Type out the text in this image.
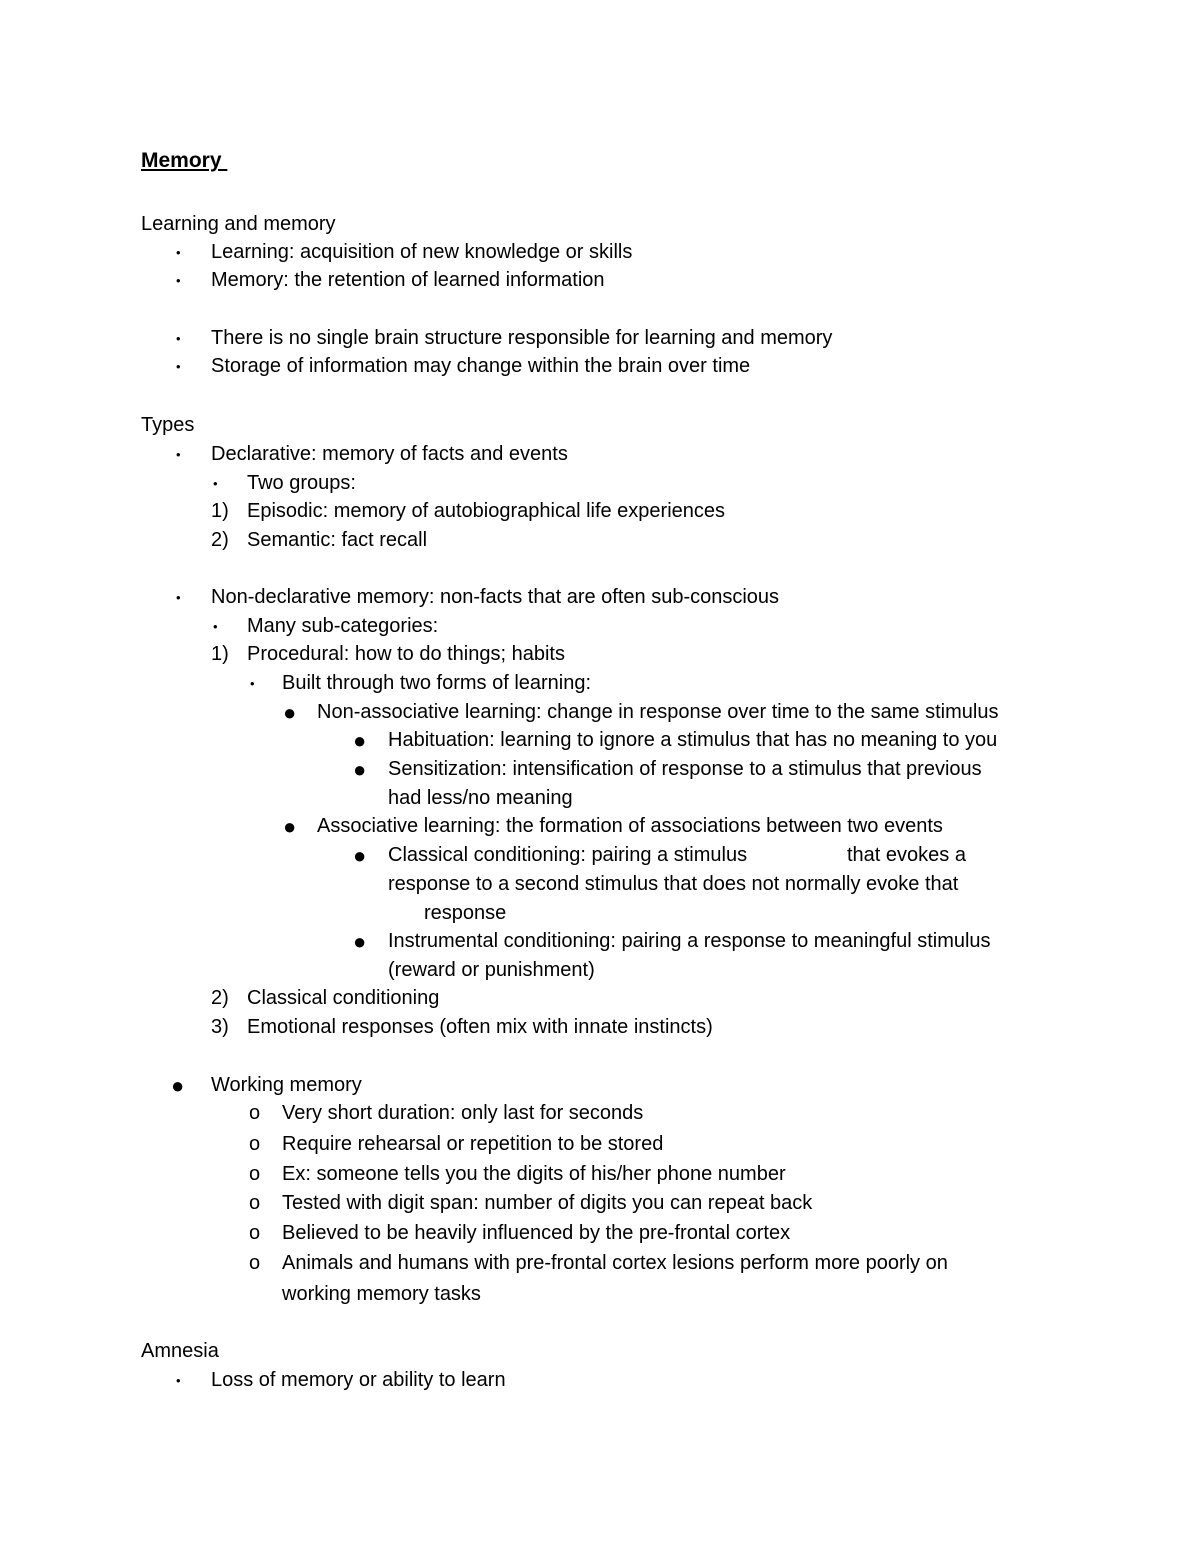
Memory
Learning and memory
• Learning: acquisition of new knowledge or skills
• Memory: the retention of learned information
• There is no single brain structure responsible for learning and memory
• Storage of information may change within the brain over time
Types
• Declarative: memory of facts and events
• Two groups:
1) Episodic: memory of autobiographical life experiences
2) Semantic: fact recall
• Non-declarative memory: non-facts that are often sub-conscious
• Many sub-categories:
1) Procedural: how to do things; habits
• Built through two forms of learning:
● Non-associative learning: change in response over time to the same stimulus
● Habituation: learning to ignore a stimulus that has no meaning to you
● Sensitization: intensification of response to a stimulus that previous
had less/no meaning
● Associative learning: the formation of associations between two events
● Classical conditioning: pairing a stimulus	that evokes a
response to a second stimulus that does not normally evoke that
response
● Instrumental conditioning: pairing a response to meaningful stimulus
(reward or punishment)
2) Classical conditioning
3) Emotional responses (often mix with innate instincts)
● Working memory
o Very short duration: only last for seconds
o Require rehearsal or repetition to be stored
o Ex: someone tells you the digits of his/her phone number
o Tested with digit span: number of digits you can repeat back
o Believed to be heavily influenced by the pre-frontal cortex
o Animals and humans with pre-frontal cortex lesions perform more poorly on
working memory tasks
Amnesia
• Loss of memory or ability to learn
